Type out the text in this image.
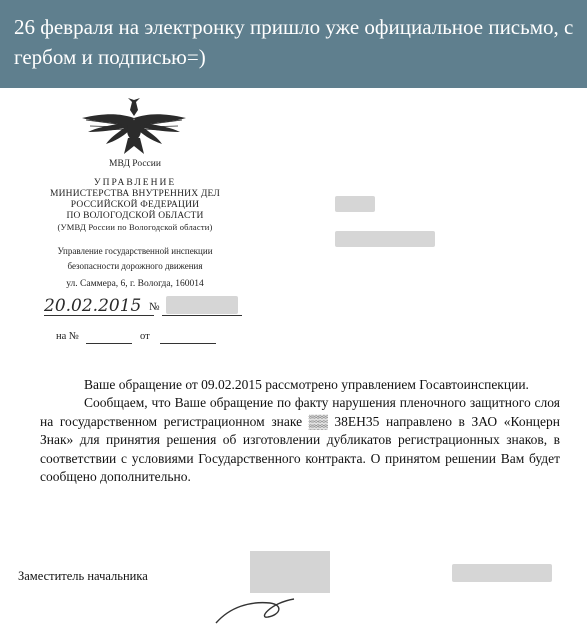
26 февраля на электронку пришло уже официальное письмо, с гербом и подписью=)
МВД России
УПРАВЛЕНИЕ
МИНИСТЕРСТВА ВНУТРЕННИХ ДЕЛ
РОССИЙСКОЙ ФЕДЕРАЦИИ
ПО ВОЛОГОДСКОЙ ОБЛАСТИ
(УМВД России по Вологодской области)
Управление государственной инспекции
безопасности дорожного движения
ул. Саммера, 6, г. Вологда, 160014
20.02.2015 №
на №	от

Ваше обращение от 09.02.2015 рассмотрено управлением Госавтоинспекции.

Сообщаем, что Ваше обращение по факту нарушения пленочного защитного слоя на государственном регистрационном знаке ▒▒ 38ЕН35 направлено в ЗАО «Концерн Знак» для принятия решения об изготовлении дубликатов регистрационных знаков, в соответствии с условиями Государственного контракта. О принятом решении Вам будет сообщено дополнительно.

Заместитель начальника
